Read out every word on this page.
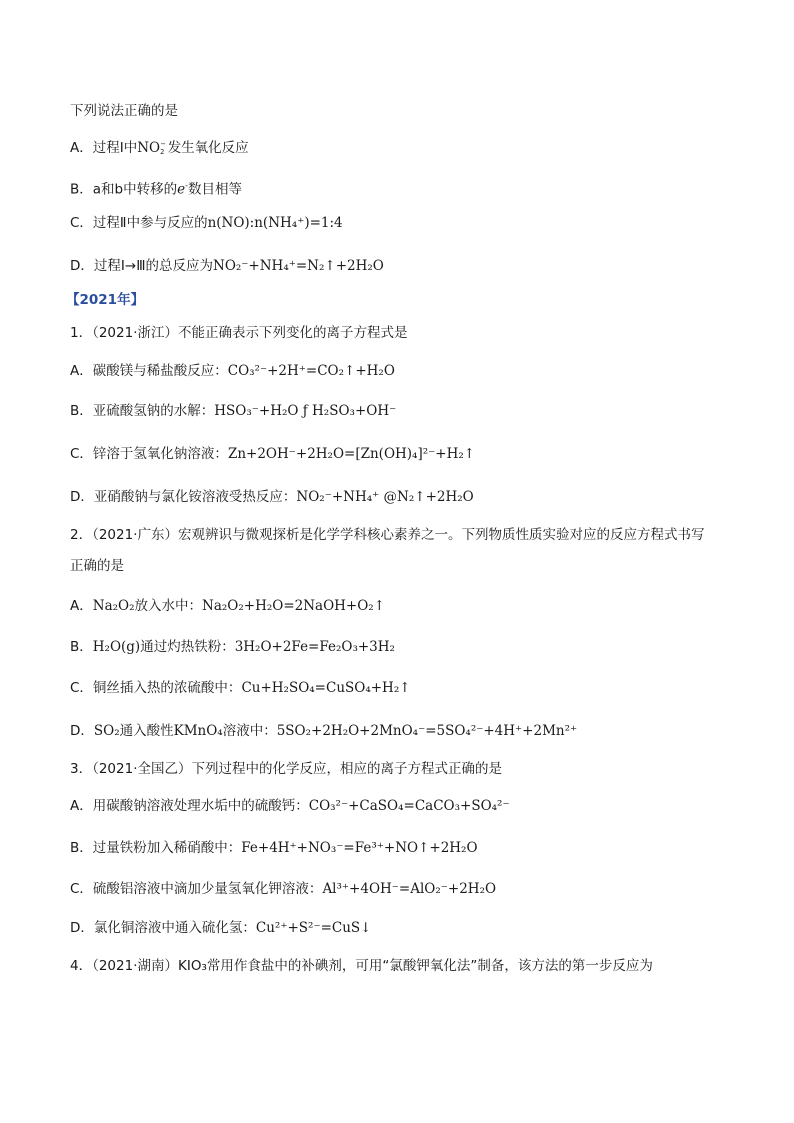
下列说法正确的是
A．过程Ⅰ中NO −
2 发生氧化反应
B．a和b中转移的e-数目相等
C．过程Ⅱ中参与反应的n(NO):n(NH₄⁺)=1:4
D．过程Ⅰ→Ⅲ的总反应为NO₂⁻+NH₄⁺=N₂↑+2H₂O
【2021年】
1．（2021·浙江）不能正确表示下列变化的离子方程式是
A．碳酸镁与稀盐酸反应：CO₃²⁻+2H⁺=CO₂↑+H₂O
B．亚硫酸氢钠的水解：HSO₃⁻+H₂O ƒ H₂SO₃+OH⁻
C．锌溶于氢氧化钠溶液：Zn+2OH⁻+2H₂O=[Zn(OH)₄]²⁻+H₂↑
D．亚硝酸钠与氯化铵溶液受热反应：NO₂⁻+NH₄⁺ @N₂↑+2H₂O
2．（2021·广东）宏观辨识与微观探析是化学学科核心素养之一。下列物质性质实验对应的反应方程式书写
正确的是
A．Na₂O₂放入水中：Na₂O₂+H₂O=2NaOH+O₂↑
B．H₂O(g)通过灼热铁粉：3H₂O+2Fe=Fe₂O₃+3H₂
C．铜丝插入热的浓硫酸中：Cu+H₂SO₄=CuSO₄+H₂↑
D．SO₂通入酸性KMnO₄溶液中：5SO₂+2H₂O+2MnO₄⁻=5SO₄²⁻+4H⁺+2Mn²⁺
3．（2021·全国乙）下列过程中的化学反应，相应的离子方程式正确的是
A．用碳酸钠溶液处理水垢中的硫酸钙：CO₃²⁻+CaSO₄=CaCO₃+SO₄²⁻
B．过量铁粉加入稀硝酸中：Fe+4H⁺+NO₃⁻=Fe³⁺+NO↑+2H₂O
C．硫酸铝溶液中滴加少量氢氧化钾溶液：Al³⁺+4OH⁻=AlO₂⁻+2H₂O
D．氯化铜溶液中通入硫化氢：Cu²⁺+S²⁻=CuS↓
4．（2021·湖南）KIO₃常用作食盐中的补碘剂，可用“氯酸钾氧化法”制备，该方法的第一步反应为
